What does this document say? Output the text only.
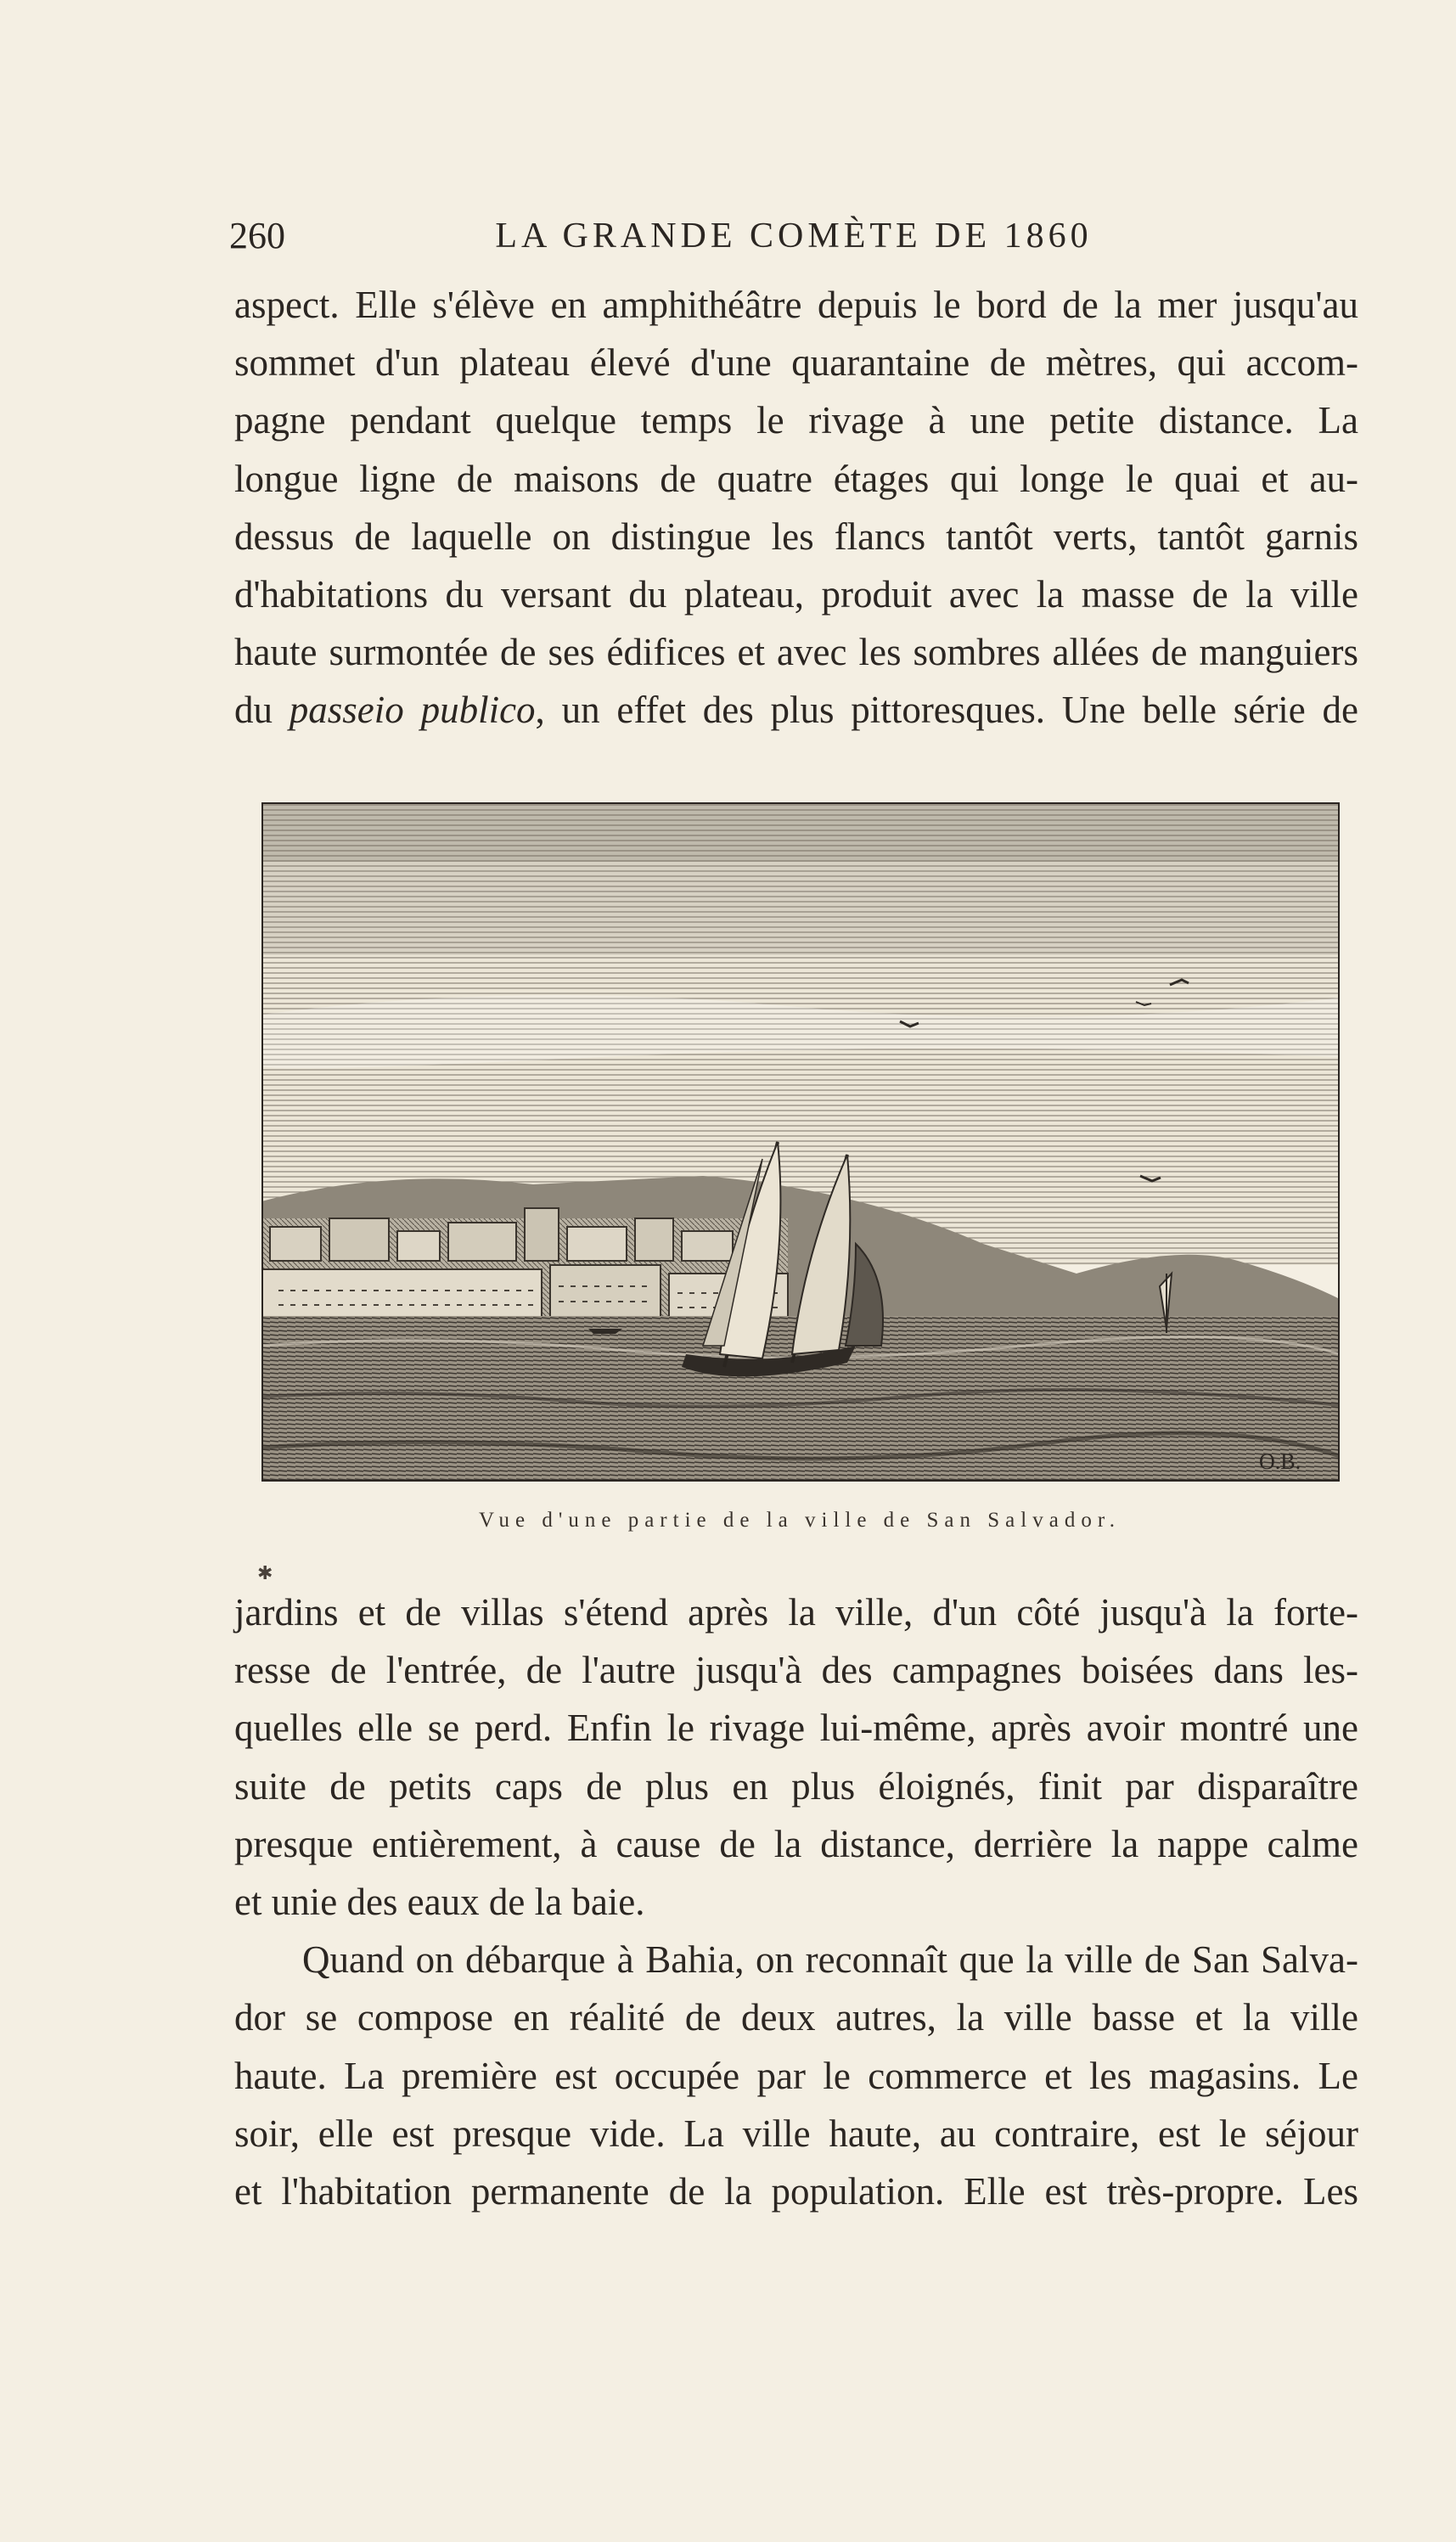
260	LA GRANDE COMÈTE DE 1860
aspect. Elle s'élève en amphithéâtre depuis le bord de la mer jusqu'au
sommet d'un plateau élevé d'une quarantaine de mètres, qui accom-
pagne pendant quelque temps le rivage à une petite distance. La
longue ligne de maisons de quatre étages qui longe le quai et au-
dessus de laquelle on distingue les flancs tantôt verts, tantôt garnis
d'habitations du versant du plateau, produit avec la masse de la ville
haute surmontée de ses édifices et avec les sombres allées de manguiers
du passeio publico, un effet des plus pittoresques. Une belle série de
O.B.
Vue d'une partie de la ville de San Salvador.
✱
jardins et de villas s'étend après la ville, d'un côté jusqu'à la forte-
resse de l'entrée, de l'autre jusqu'à des campagnes boisées dans les-
quelles elle se perd. Enfin le rivage lui-même, après avoir montré une
suite de petits caps de plus en plus éloignés, finit par disparaître
presque entièrement, à cause de la distance, derrière la nappe calme
et unie des eaux de la baie.
Quand on débarque à Bahia, on reconnaît que la ville de San Salva-
dor se compose en réalité de deux autres, la ville basse et la ville
haute. La première est occupée par le commerce et les magasins. Le
soir, elle est presque vide. La ville haute, au contraire, est le séjour
et l'habitation permanente de la population. Elle est très-propre. Les
